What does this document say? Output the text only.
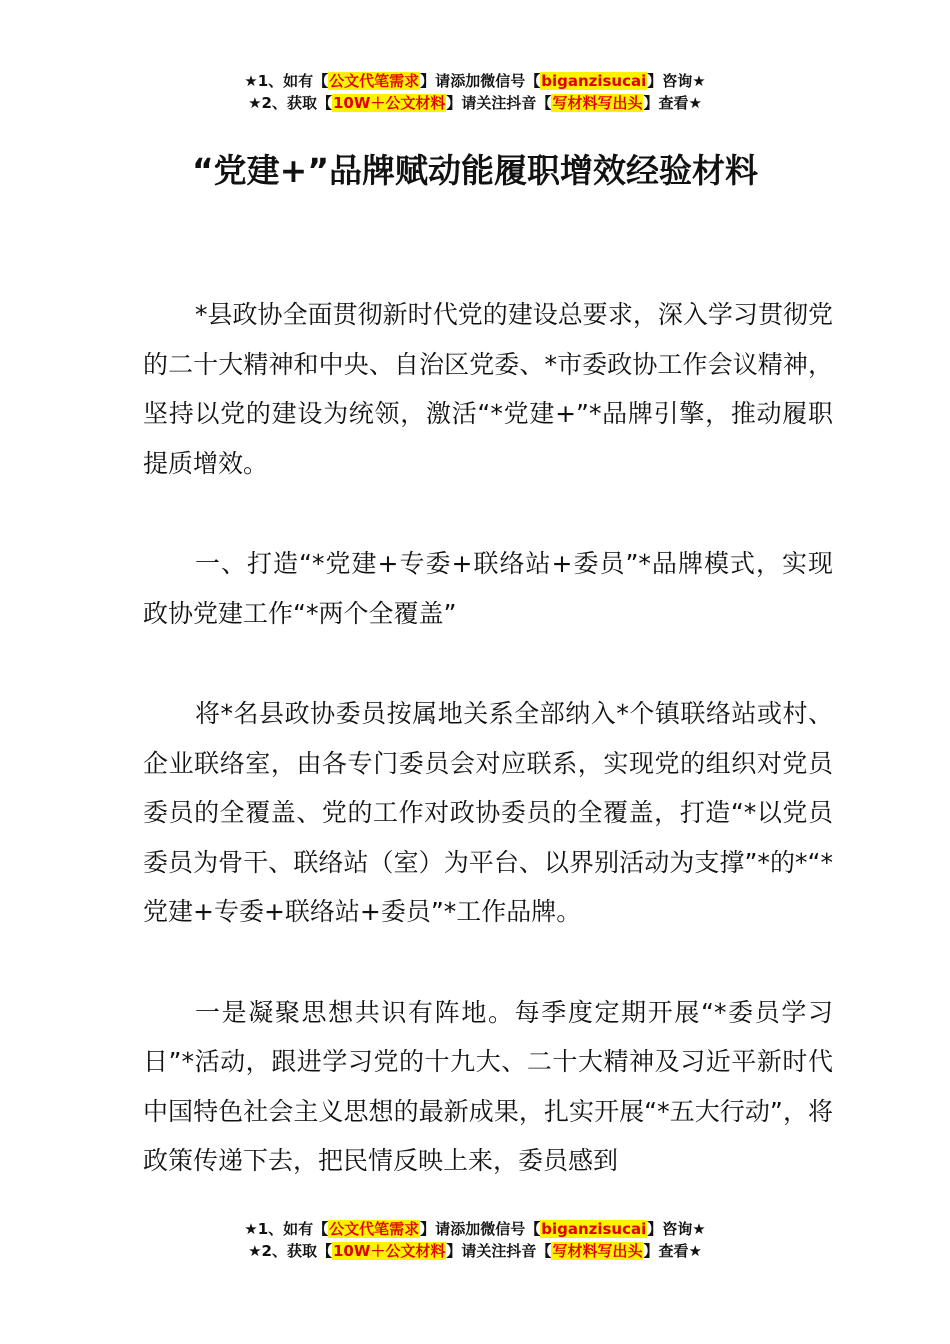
★1、如有【公文代笔需求】请添加微信号【biganzisucai】咨询★
★2、获取【10W＋公文材料】请关注抖音【写材料写出头】查看★
“党建+”品牌赋动能履职增效经验材料

*县政协全面贯彻新时代党的建设总要求，深入学习贯彻党的二十大精神和中央、自治区党委、*市委政协工作会议精神，坚持以党的建设为统领，激活“*党建+”*品牌引擎，推动履职提质增效。

一、打造“*党建+专委+联络站+委员”*品牌模式，实现政协党建工作“*两个全覆盖”

将*名县政协委员按属地关系全部纳入*个镇联络站或村、企业联络室，由各专门委员会对应联系，实现党的组织对党员委员的全覆盖、党的工作对政协委员的全覆盖，打造“*以党员委员为骨干、联络站（室）为平台、以界别活动为支撑”*的*“*党建+专委+联络站+委员”*工作品牌。

一是凝聚思想共识有阵地。每季度定期开展“*委员学习日”*活动，跟进学习党的十九大、二十大精神及习近平新时代中国特色社会主义思想的最新成果，扎实开展“*五大行动”，将政策传递下去，把民情反映上来，委员感到

★1、如有【公文代笔需求】请添加微信号【biganzisucai】咨询★
★2、获取【10W＋公文材料】请关注抖音【写材料写出头】查看★
